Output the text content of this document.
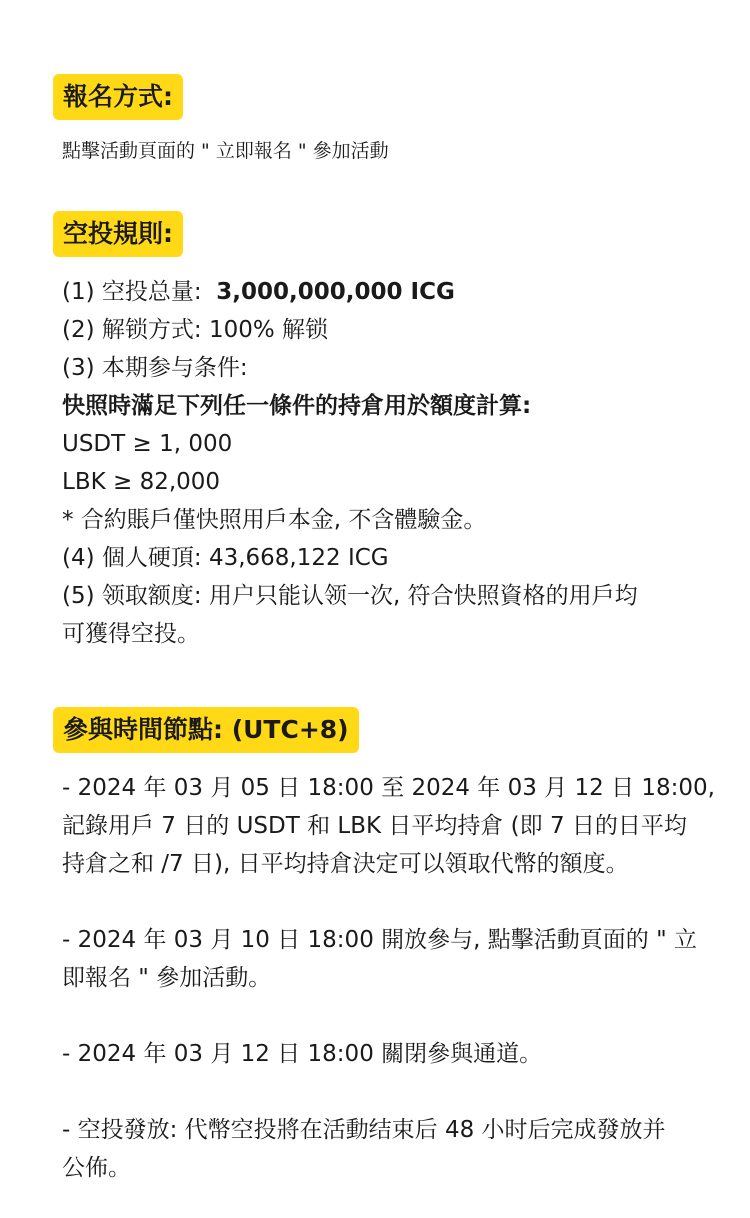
報名方式:
點擊活動頁面的 " 立即報名 " 參加活動
空投規則:
(1) 空投总量: 3,000,000,000 ICG
(2) 解锁方式: 100% 解锁
(3) 本期参与条件:
快照時滿足下列任一條件的持倉用於額度計算:
USDT ≥ 1, 000
LBK ≥ 82,000
* 合約賬戶僅快照用戶本金, 不含體驗金。
(4) 個人硬頂: 43,668,122 ICG
(5) 领取额度: 用户只能认领一次, 符合快照資格的用戶均
可獲得空投。
參與時間節點: (UTC+8)
- 2024 年 03 月 05 日 18:00 至 2024 年 03 月 12 日 18:00,
記錄用戶 7 日的 USDT 和 LBK 日平均持倉 (即 7 日的日平均
持倉之和 /7 日), 日平均持倉決定可以領取代幣的額度。
- 2024 年 03 月 10 日 18:00 開放參与, 點擊活動頁面的 " 立
即報名 " 參加活動。
- 2024 年 03 月 12 日 18:00 關閉參與通道。
- 空投發放: 代幣空投將在活動结束后 48 小时后完成發放并
公佈。
